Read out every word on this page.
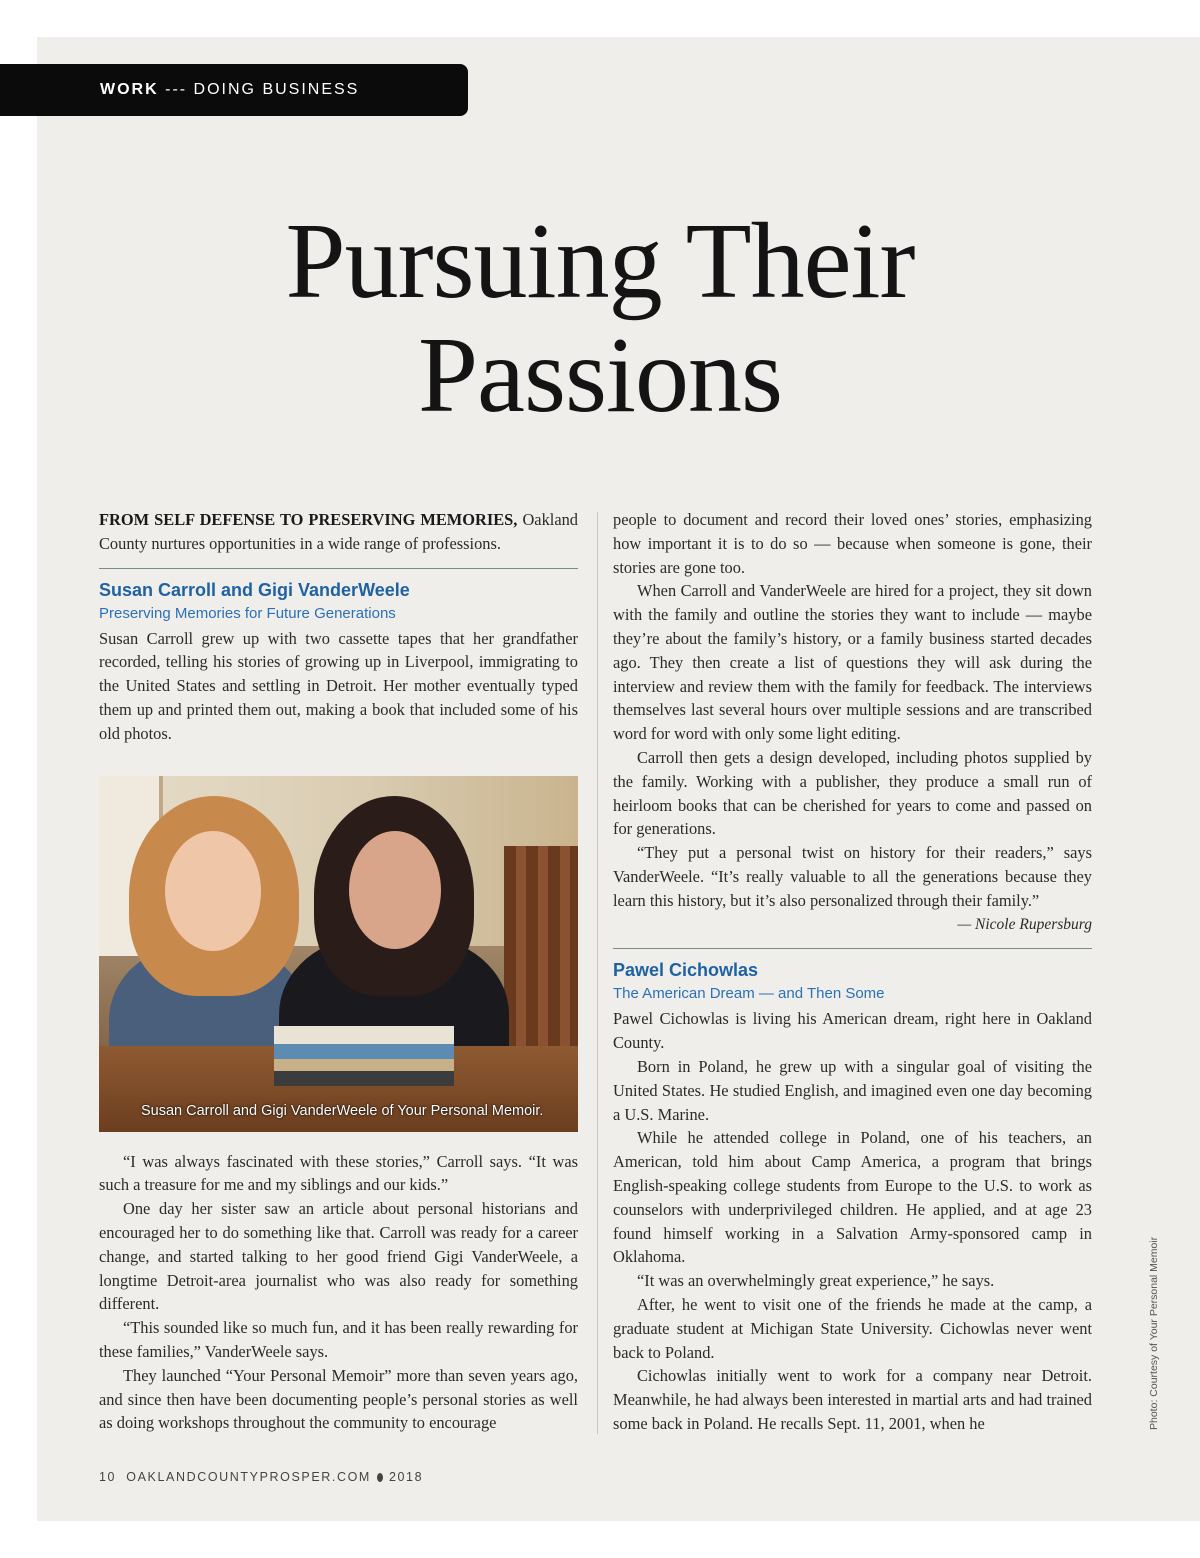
WORK --- DOING BUSINESS
Pursuing Their
Passions

FROM SELF DEFENSE TO PRESERVING MEMORIES, Oakland County nurtures opportunities in a wide range of professions.

Susan Carroll and Gigi VanderWeele
Preserving Memories for Future Generations

Susan Carroll grew up with two cassette tapes that her grandfather recorded, telling his stories of growing up in Liverpool, immigrating to the United States and settling in Detroit. Her mother eventually typed them up and printed them out, making a book that included some of his old photos.

Susan Carroll and Gigi VanderWeele of Your Personal Memoir.

“I was always fascinated with these stories,” Carroll says. “It was such a treasure for me and my siblings and our kids.”

One day her sister saw an article about personal historians and encouraged her to do something like that. Carroll was ready for a career change, and started talking to her good friend Gigi VanderWeele, a longtime Detroit-area journalist who was also ready for something different.

“This sounded like so much fun, and it has been really rewarding for these families,” VanderWeele says.

They launched “Your Personal Memoir” more than seven years ago, and since then have been documenting people’s personal stories as well as doing workshops throughout the community to encourage

people to document and record their loved ones’ stories, emphasizing how important it is to do so — because when someone is gone, their stories are gone too.

When Carroll and VanderWeele are hired for a project, they sit down with the family and outline the stories they want to include — maybe they’re about the family’s history, or a family business started decades ago. They then create a list of questions they will ask during the interview and review them with the family for feedback. The interviews themselves last several hours over multiple sessions and are transcribed word for word with only some light editing.

Carroll then gets a design developed, including photos supplied by the family. Working with a publisher, they produce a small run of heirloom books that can be cherished for years to come and passed on for generations.

“They put a personal twist on history for their readers,” says VanderWeele. “It’s really valuable to all the generations because they learn this history, but it’s also personalized through their family.”

— Nicole Rupersburg
Pawel Cichowlas
The American Dream — and Then Some

Pawel Cichowlas is living his American dream, right here in Oakland County.

Born in Poland, he grew up with a singular goal of visiting the United States. He studied English, and imagined even one day becoming a U.S. Marine.

While he attended college in Poland, one of his teachers, an American, told him about Camp America, a program that brings English-speaking college students from Europe to the U.S. to work as counselors with underprivileged children. He applied, and at age 23 found himself working in a Salvation Army-sponsored camp in Oklahoma.

“It was an overwhelmingly great experience,” he says.

After, he went to visit one of the friends he made at the camp, a graduate student at Michigan State University. Cichowlas never went back to Poland.

Cichowlas initially went to work for a company near Detroit. Meanwhile, he had always been interested in martial arts and had trained some back in Poland. He recalls Sept. 11, 2001, when he

10 OAKLANDCOUNTYPROSPER.COM 2018
Photo: Courtesy of Your Personal Memoir
